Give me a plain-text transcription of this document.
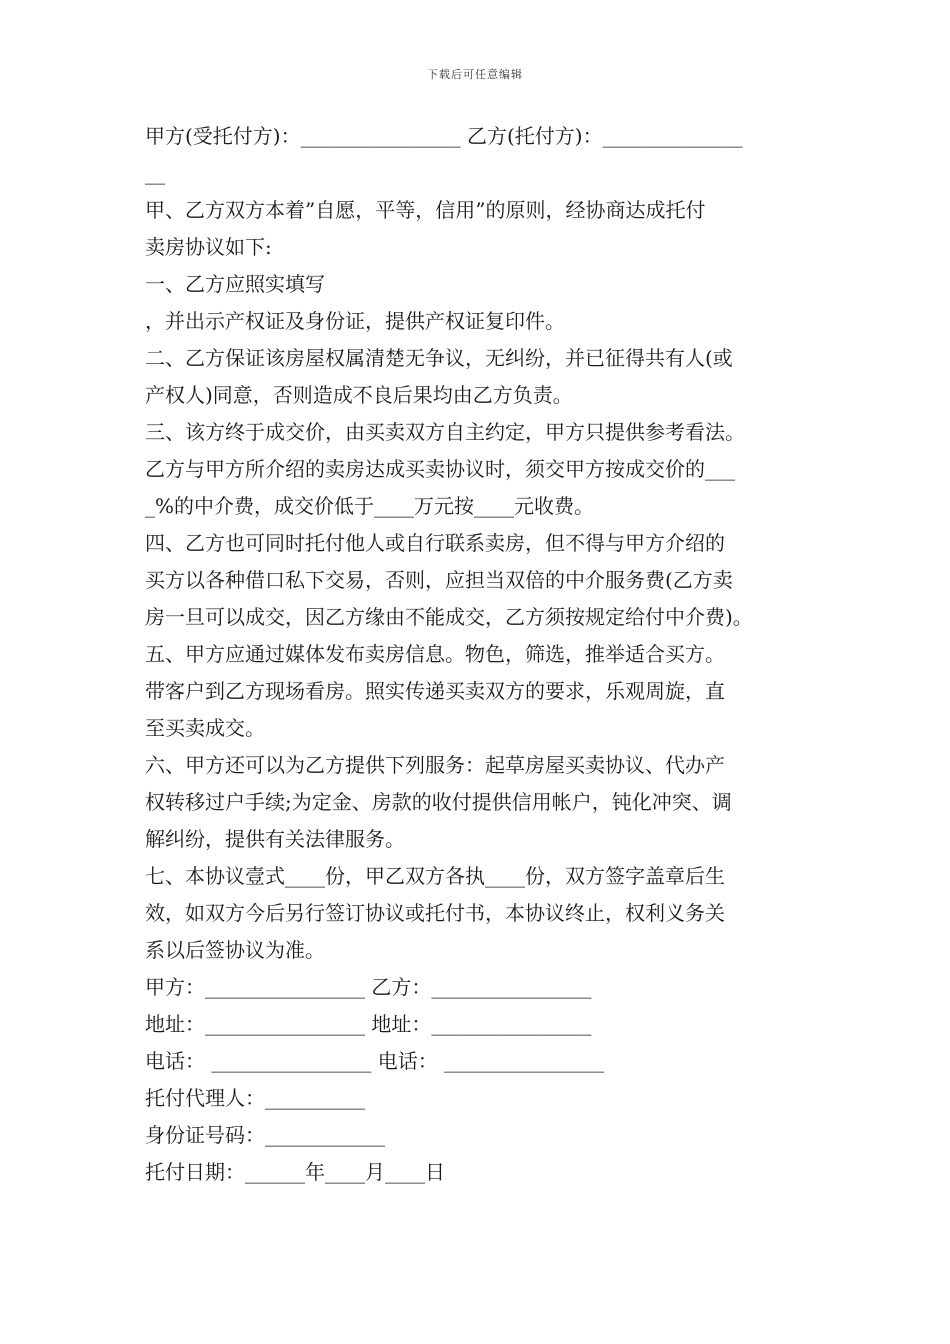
下载后可任意编辑
甲方(受托付方)：________________ 乙方(托付方)：______________
__
甲、乙方双方本着”自愿，平等，信用”的原则，经协商达成托付
卖房协议如下:
一、乙方应照实填写
，并出示产权证及身份证，提供产权证复印件。
二、乙方保证该房屋权属清楚无争议，无纠纷，并已征得共有人(或
产权人)同意，否则造成不良后果均由乙方负责。
三、该方终于成交价，由买卖双方自主约定，甲方只提供参考看法。
乙方与甲方所介绍的卖房达成买卖协议时，须交甲方按成交价的___
_%的中介费，成交价低于____万元按____元收费。
四、乙方也可同时托付他人或自行联系卖房，但不得与甲方介绍的
买方以各种借口私下交易，否则，应担当双倍的中介服务费(乙方卖
房一旦可以成交，因乙方缘由不能成交，乙方须按规定给付中介费)。
五、甲方应通过媒体发布卖房信息。物色，筛选，推举适合买方。
带客户到乙方现场看房。照实传递买卖双方的要求，乐观周旋，直
至买卖成交。
六、甲方还可以为乙方提供下列服务：起草房屋买卖协议、代办产
权转移过户手续;为定金、房款的收付提供信用帐户，钝化冲突、调
解纠纷，提供有关法律服务。
七、本协议壹式____份，甲乙双方各执____份，双方签字盖章后生
效，如双方今后另行签订协议或托付书，本协议终止，权利义务关
系以后签协议为准。
甲方：________________ 乙方：________________
地址：________________ 地址：________________
电话： ________________ 电话： ________________
托付代理人：__________
身份证号码：____________
托付日期：______年____月____日
